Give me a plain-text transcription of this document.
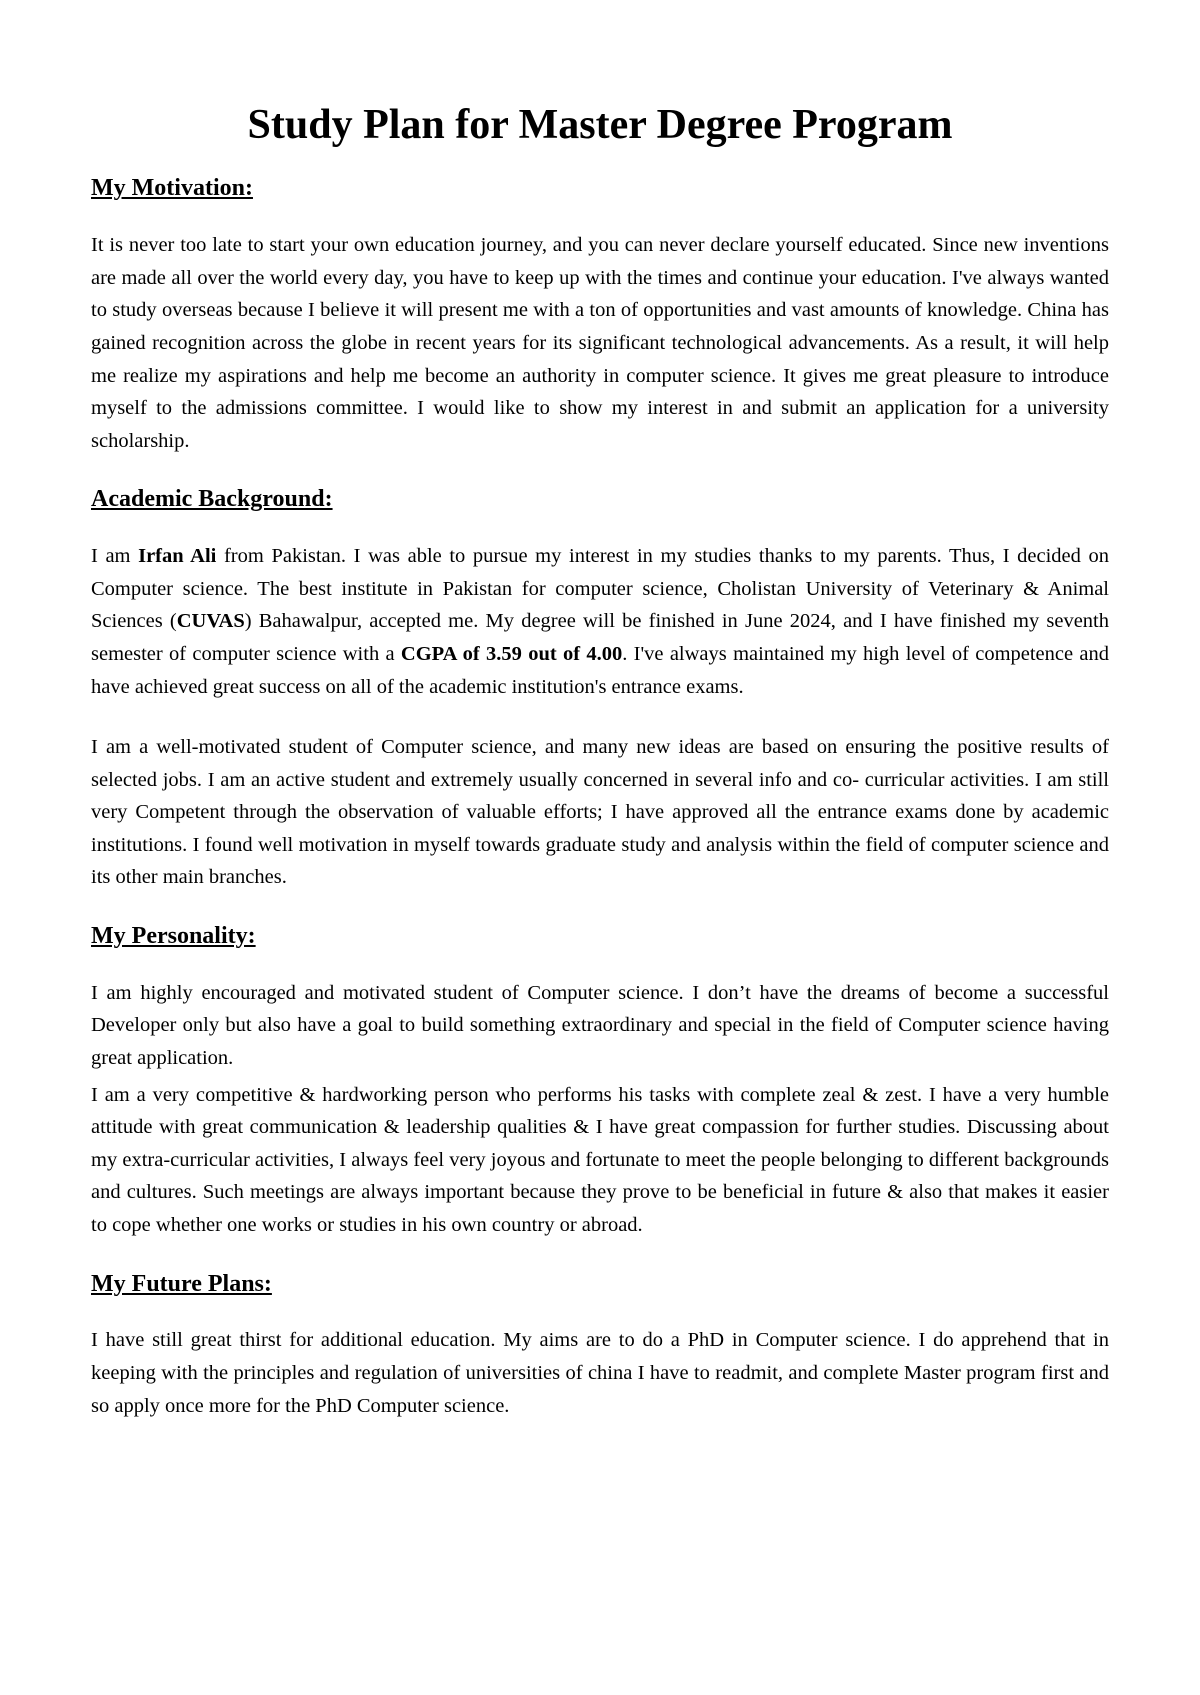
Study Plan for Master Degree Program
My Motivation:

It is never too late to start your own education journey, and you can never declare yourself educated. Since new inventions are made all over the world every day, you have to keep up with the times and continue your education. I've always wanted to study overseas because I believe it will present me with a ton of opportunities and vast amounts of knowledge. China has gained recognition across the globe in recent years for its significant technological advancements. As a result, it will help me realize my aspirations and help me become an authority in computer science. It gives me great pleasure to introduce myself to the admissions committee. I would like to show my interest in and submit an application for a university scholarship.

Academic Background:

I am Irfan Ali from Pakistan. I was able to pursue my interest in my studies thanks to my parents. Thus, I decided on Computer science. The best institute in Pakistan for computer science, Cholistan University of Veterinary & Animal Sciences (CUVAS) Bahawalpur, accepted me. My degree will be finished in June 2024, and I have finished my seventh semester of computer science with a CGPA of 3.59 out of 4.00. I've always maintained my high level of competence and have achieved great success on all of the academic institution's entrance exams.

I am a well-motivated student of Computer science, and many new ideas are based on ensuring the positive results of selected jobs. I am an active student and extremely usually concerned in several info and co- curricular activities. I am still very Competent through the observation of valuable efforts; I have approved all the entrance exams done by academic institutions. I found well motivation in myself towards graduate study and analysis within the field of computer science and its other main branches.

My Personality:

I am highly encouraged and motivated student of Computer science. I don’t have the dreams of become a successful Developer only but also have a goal to build something extraordinary and special in the field of Computer science having great application.

I am a very competitive & hardworking person who performs his tasks with complete zeal & zest. I have a very humble attitude with great communication & leadership qualities & I have great compassion for further studies. Discussing about my extra-curricular activities, I always feel very joyous and fortunate to meet the people belonging to different backgrounds and cultures. Such meetings are always important because they prove to be beneficial in future & also that makes it easier to cope whether one works or studies in his own country or abroad.

My Future Plans:

I have still great thirst for additional education. My aims are to do a PhD in Computer science. I do apprehend that in keeping with the principles and regulation of universities of china I have to readmit, and complete Master program first and so apply once more for the PhD Computer science.
